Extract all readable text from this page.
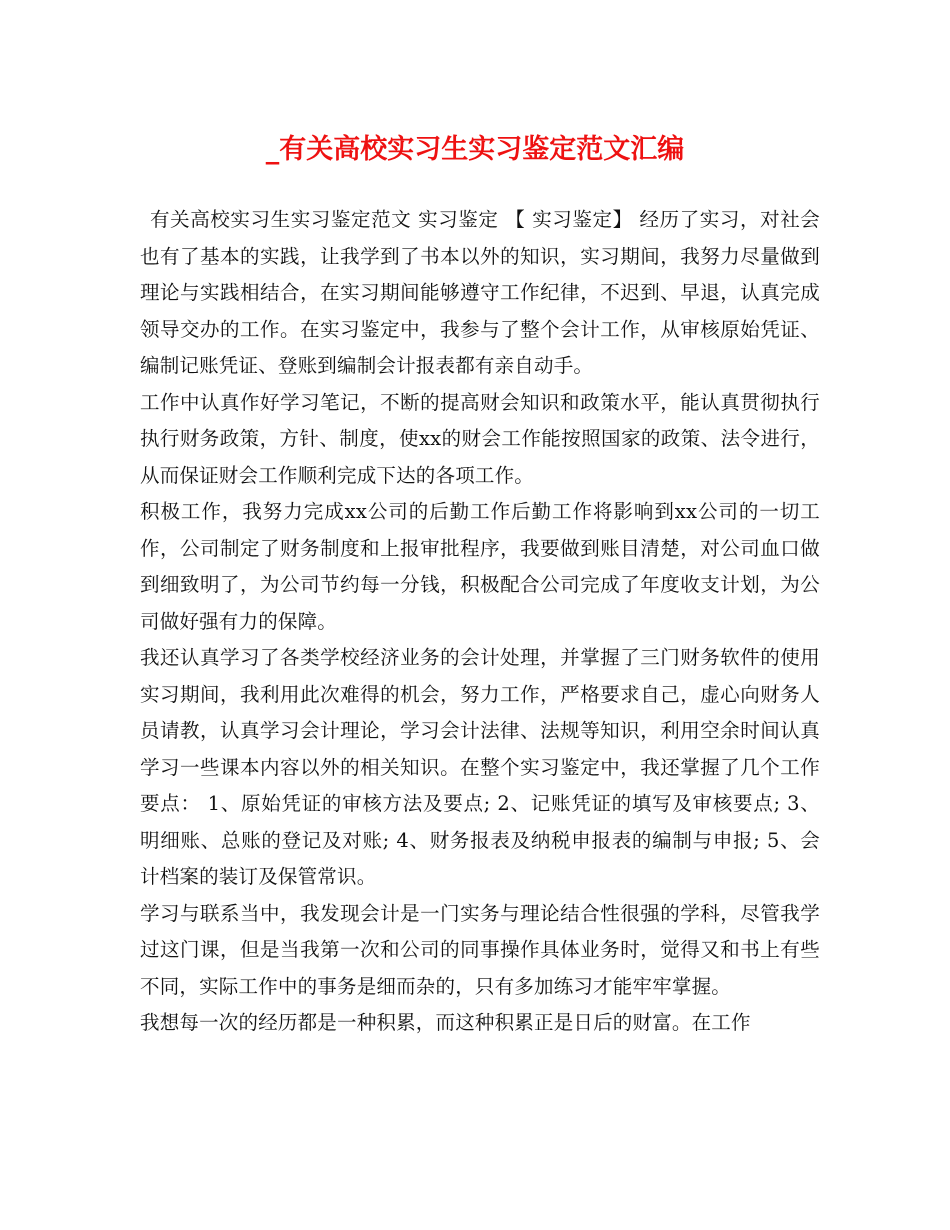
_有关高校实习生实习鉴定范文汇编

有关高校实习生实习鉴定范文 实习鉴定 【 实习鉴定】 经历了实习，对社会也有了基本的实践，让我学到了书本以外的知识，实习期间，我努力尽量做到理论与实践相结合，在实习期间能够遵守工作纪律，不迟到、早退，认真完成领导交办的工作。在实习鉴定中，我参与了整个会计工作，从审核原始凭证、编制记账凭证、登账到编制会计报表都有亲自动手。

工作中认真作好学习笔记，不断的提高财会知识和政策水平，能认真贯彻执行执行财务政策，方针、制度，使xx的财会工作能按照国家的政策、法令进行，从而保证财会工作顺利完成下达的各项工作。

积极工作，我努力完成xx公司的后勤工作后勤工作将影响到xx公司的一切工作，公司制定了财务制度和上报审批程序，我要做到账目清楚，对公司血口做到细致明了，为公司节约每一分钱，积极配合公司完成了年度收支计划，为公司做好强有力的保障。

我还认真学习了各类学校经济业务的会计处理，并掌握了三门财务软件的使用实习期间，我利用此次难得的机会，努力工作，严格要求自己，虚心向财务人员请教，认真学习会计理论，学习会计法律、法规等知识，利用空余时间认真学习一些课本内容以外的相关知识。在整个实习鉴定中，我还掌握了几个工作要点： 1、原始凭证的审核方法及要点; 2、记账凭证的填写及审核要点; 3、明细账、总账的登记及对账; 4、财务报表及纳税申报表的编制与申报; 5、会计档案的装订及保管常识。

学习与联系当中，我发现会计是一门实务与理论结合性很强的学科，尽管我学过这门课，但是当我第一次和公司的同事操作具体业务时，觉得又和书上有些不同，实际工作中的事务是细而杂的，只有多加练习才能牢牢掌握。

我想每一次的经历都是一种积累，而这种积累正是日后的财富。在工作
